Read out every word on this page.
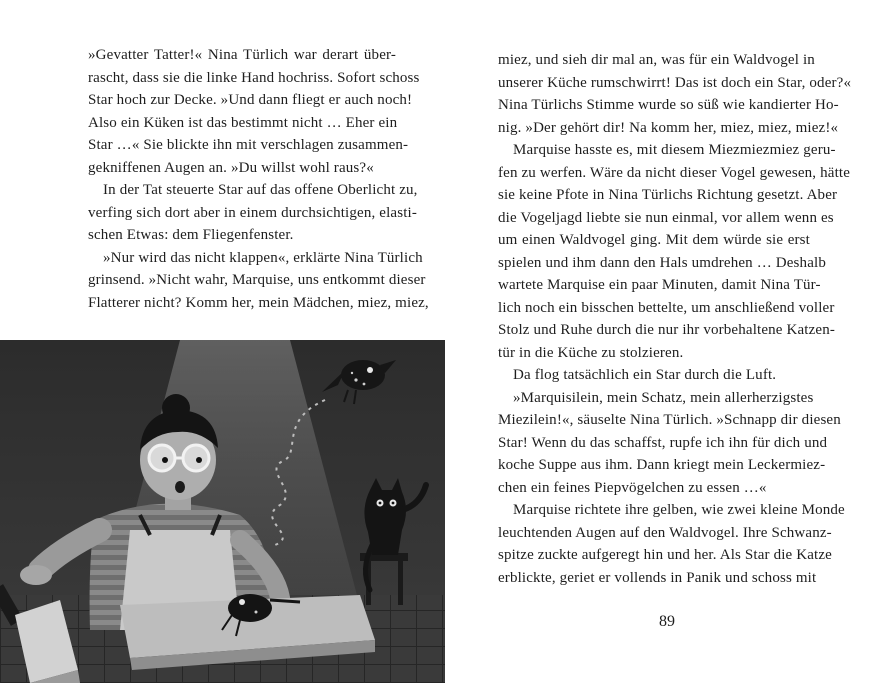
»Gevatter Tatter!« Nina Türlich war derart über-
rascht, dass sie die linke Hand hochriss. Sofort schoss
Star hoch zur Decke. »Und dann fliegt er auch noch!
Also ein Küken ist das bestimmt nicht … Eher ein
Star …« Sie blickte ihn mit verschlagen zusammen-
gekniffenen Augen an. »Du willst wohl raus?«
In der Tat steuerte Star auf das offene Oberlicht zu,
verfing sich dort aber in einem durchsichtigen, elasti-
schen Etwas: dem Fliegenfenster.
»Nur wird das nicht klappen«, erklärte Nina Türlich
grinsend. »Nicht wahr, Marquise, uns entkommt dieser
Flatterer nicht? Komm her, mein Mädchen, miez, miez,
miez, und sieh dir mal an, was für ein Waldvogel in
unserer Küche rumschwirrt! Das ist doch ein Star, oder?«
Nina Türlichs Stimme wurde so süß wie kandierter Ho-
nig. »Der gehört dir! Na komm her, miez, miez, miez!«
Marquise hasste es, mit diesem Miezmiezmiez geru-
fen zu werfen. Wäre da nicht dieser Vogel gewesen, hätte
sie keine Pfote in Nina Türlichs Richtung gesetzt. Aber
die Vogeljagd liebte sie nun einmal, vor allem wenn es
um einen Waldvogel ging. Mit dem würde sie erst
spielen und ihm dann den Hals umdrehen … Deshalb
wartete Marquise ein paar Minuten, damit Nina Tür-
lich noch ein bisschen bettelte, um anschließend voller
Stolz und Ruhe durch die nur ihr vorbehaltene Katzen-
tür in die Küche zu stolzieren.
Da flog tatsächlich ein Star durch die Luft.
»Marquisilein, mein Schatz, mein allerherzigstes
Miezilein!«, säuselte Nina Türlich. »Schnapp dir diesen
Star! Wenn du das schaffst, rupfe ich ihn für dich und
koche Suppe aus ihm. Dann kriegt mein Leckermiez-
chen ein feines Piepvögelchen zu essen …«
Marquise richtete ihre gelben, wie zwei kleine Monde
leuchtenden Augen auf den Waldvogel. Ihre Schwanz-
spitze zuckte aufgeregt hin und her. Als Star die Katze
erblickte, geriet er vollends in Panik und schoss mit
89
